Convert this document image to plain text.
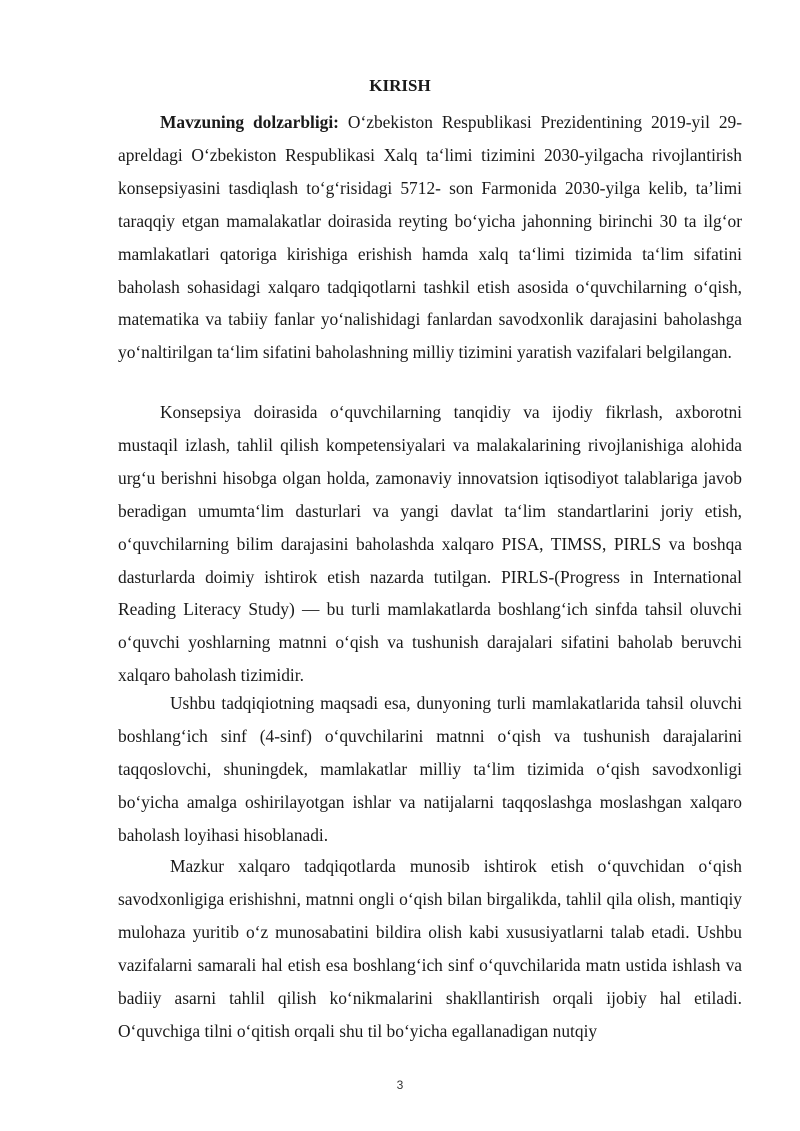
KIRISH

Mavzuning dolzarbligi: Oʻzbekiston Respublikasi Prezidentining 2019-yil 29-apreldagi Oʻzbekiston Respublikasi Xalq taʻlimi tizimini 2030-yilgacha rivojlantirish konsepsiyasini tasdiqlash toʻgʻrisidagi 5712- son Farmonida 2030-yilga kelib, taʼlimi taraqqiy etgan mamalakatlar doirasida reyting boʻyicha jahonning birinchi 30 ta ilgʻor mamlakatlari qatoriga kirishiga erishish hamda xalq taʻlimi tizimida taʻlim sifatini baholash sohasidagi xalqaro tadqiqotlarni tashkil etish asosida oʻquvchilarning oʻqish, matematika va tabiiy fanlar yoʻnalishidagi fanlardan savodxonlik darajasini baholashga yoʻnaltirilgan taʻlim sifatini baholashning milliy tizimini yaratish vazifalari belgilangan.

Konsepsiya doirasida oʻquvchilarning tanqidiy va ijodiy fikrlash, axborotni mustaqil izlash, tahlil qilish kompetensiyalari va malakalarining rivojlanishiga alohida urgʻu berishni hisobga olgan holda, zamonaviy innovatsion iqtisodiyot talablariga javob beradigan umumtaʻlim dasturlari va yangi davlat taʻlim standartlarini joriy etish, oʻquvchilarning bilim darajasini baholashda xalqaro PISA, TIMSS, PIRLS va boshqa dasturlarda doimiy ishtirok etish nazarda tutilgan. PIRLS-(Progress in International Reading Literacy Study) — bu turli mamlakatlarda boshlangʻich sinfda tahsil oluvchi oʻquvchi yoshlarning matnni oʻqish va tushunish darajalari sifatini baholab beruvchi xalqaro baholash tizimidir.

Ushbu tadqiqiotning maqsadi esa, dunyoning turli mamlakatlarida tahsil oluvchi boshlangʻich sinf (4-sinf) oʻquvchilarini matnni oʻqish va tushunish darajalarini taqqoslovchi, shuningdek, mamlakatlar milliy taʻlim tizimida oʻqish savodxonligi boʻyicha amalga oshirilayotgan ishlar va natijalarni taqqoslashga moslashgan xalqaro baholash loyihasi hisoblanadi.

Mazkur xalqaro tadqiqotlarda munosib ishtirok etish oʻquvchidan oʻqish savodxonligiga erishishni, matnni ongli oʻqish bilan birgalikda, tahlil qila olish, mantiqiy mulohaza yuritib oʻz munosabatini bildira olish kabi xususiyatlarni talab etadi. Ushbu vazifalarni samarali hal etish esa boshlangʻich sinf oʻquvchilarida matn ustida ishlash va badiiy asarni tahlil qilish koʻnikmalarini shakllantirish orqali ijobiy hal etiladi. Oʻquvchiga tilni oʻqitish orqali shu til boʻyicha egallanadigan nutqiy

3
